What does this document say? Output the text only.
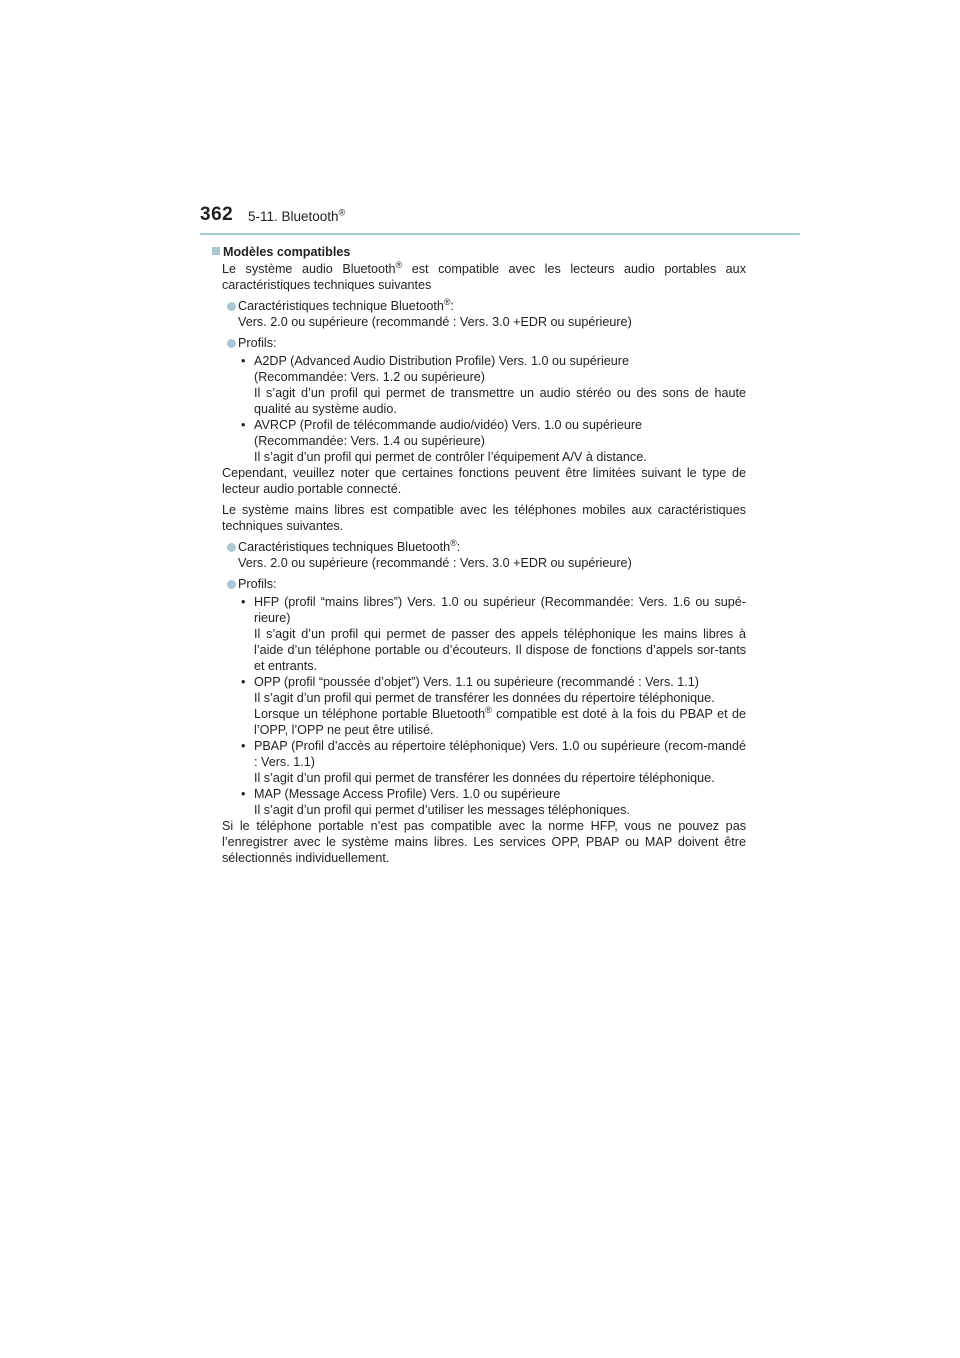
362 5-11. Bluetooth®

Modèles compatibles

Le système audio Bluetooth® est compatible avec les lecteurs audio portables aux caractéristiques techniques suivantes

Caractéristiques technique Bluetooth®:
Vers. 2.0 ou supérieure (recommandé : Vers. 3.0 +EDR ou supérieure)
Profils:
• A2DP (Advanced Audio Distribution Profile) Vers. 1.0 ou supérieure
(Recommandée: Vers. 1.2 ou supérieure)
Il s’agit d’un profil qui permet de transmettre un audio stéréo ou des sons de haute qualité au système audio.
• AVRCP (Profil de télécommande audio/vidéo) Vers. 1.0 ou supérieure
(Recommandée: Vers. 1.4 ou supérieure)
Il s’agit d’un profil qui permet de contrôler l’équipement A/V à distance.

Cependant, veuillez noter que certaines fonctions peuvent être limitées suivant le type de lecteur audio portable connecté.

Le système mains libres est compatible avec les téléphones mobiles aux caractéristiques techniques suivantes.

Caractéristiques techniques Bluetooth®:
Vers. 2.0 ou supérieure (recommandé : Vers. 3.0 +EDR ou supérieure)
Profils:
• HFP (profil “mains libres”) Vers. 1.0 ou supérieur (Recommandée: Vers. 1.6 ou supé-rieure)
Il s’agit d’un profil qui permet de passer des appels téléphonique les mains libres à l’aide d’un téléphone portable ou d’écouteurs. Il dispose de fonctions d’appels sor-tants et entrants.
• OPP (profil “poussée d’objet”) Vers. 1.1 ou supérieure (recommandé : Vers. 1.1)
Il s’agit d’un profil qui permet de transférer les données du répertoire téléphonique.
Lorsque un téléphone portable Bluetooth® compatible est doté à la fois du PBAP et de l’OPP, l’OPP ne peut être utilisé.
• PBAP (Profil d’accès au répertoire téléphonique) Vers. 1.0 ou supérieure (recom-mandé : Vers. 1.1)
Il s’agit d’un profil qui permet de transférer les données du répertoire téléphonique.
• MAP (Message Access Profile) Vers. 1.0 ou supérieure
Il s’agit d’un profil qui permet d’utiliser les messages téléphoniques.

Si le téléphone portable n’est pas compatible avec la norme HFP, vous ne pouvez pas l’enregistrer avec le système mains libres. Les services OPP, PBAP ou MAP doivent être sélectionnés individuellement.
